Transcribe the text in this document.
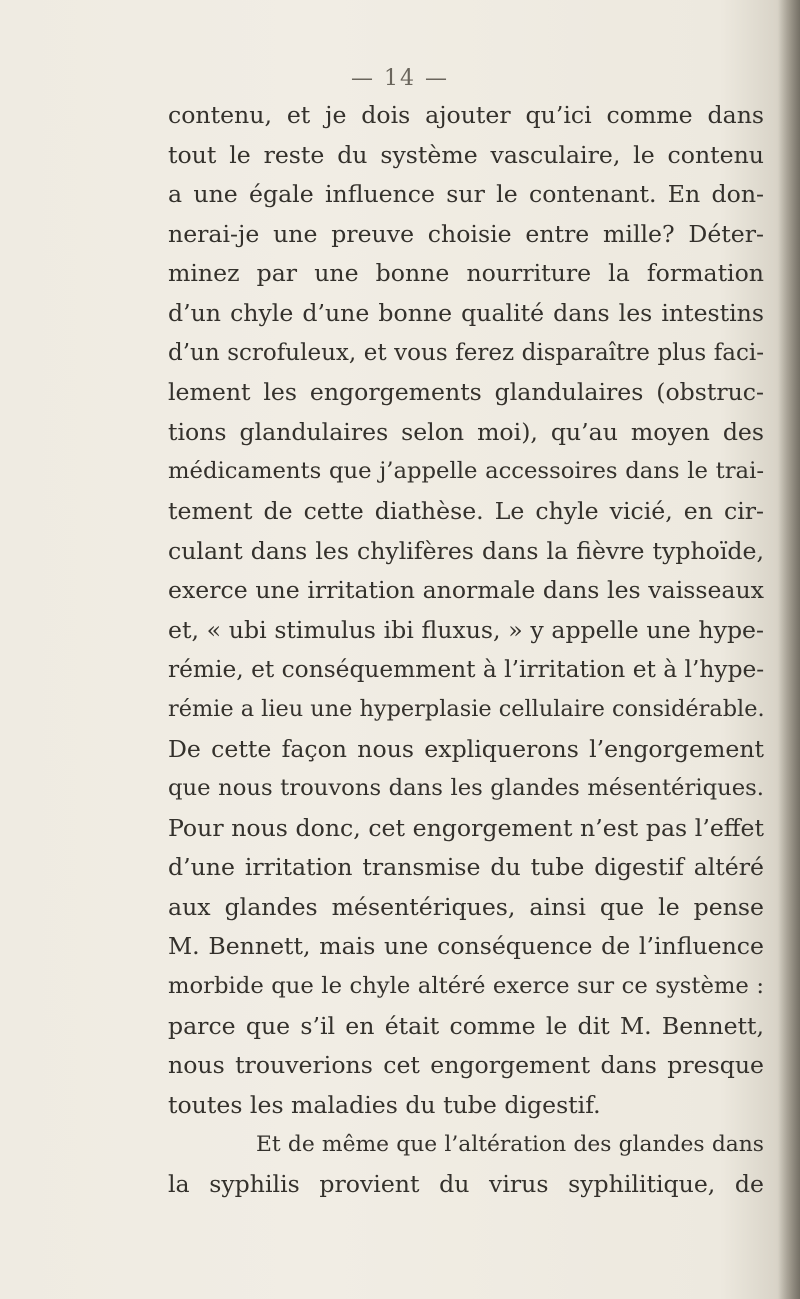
— 14 —
contenu, et je dois ajouter qu’ici comme dans
tout le reste du système vasculaire, le contenu
a une égale influence sur le contenant. En don-
nerai-je une preuve choisie entre mille? Déter-
minez par une bonne nourriture la formation
d’un chyle d’une bonne qualité dans les intestins
d’un scrofuleux, et vous ferez disparaître plus faci-
lement les engorgements glandulaires (obstruc-
tions glandulaires selon moi), qu’au moyen des
médicaments que j’appelle accessoires dans le trai-
tement de cette diathèse. Le chyle vicié, en cir-
culant dans les chylifères dans la fièvre typhoïde,
exerce une irritation anormale dans les vaisseaux
et, « ubi stimulus ibi fluxus, » y appelle une hype-
rémie, et conséquemment à l’irritation et à l’hype-
rémie a lieu une hyperplasie cellulaire considérable.
De cette façon nous expliquerons l’engorgement
que nous trouvons dans les glandes mésentériques.
Pour nous donc, cet engorgement n’est pas l’effet
d’une irritation transmise du tube digestif altéré
aux glandes mésentériques, ainsi que le pense
M. Bennett, mais une conséquence de l’influence
morbide que le chyle altéré exerce sur ce système :
parce que s’il en était comme le dit M. Bennett,
nous trouverions cet engorgement dans presque
toutes les maladies du tube digestif.
Et de même que l’altération des glandes dans
la syphilis provient du virus syphilitique, de
